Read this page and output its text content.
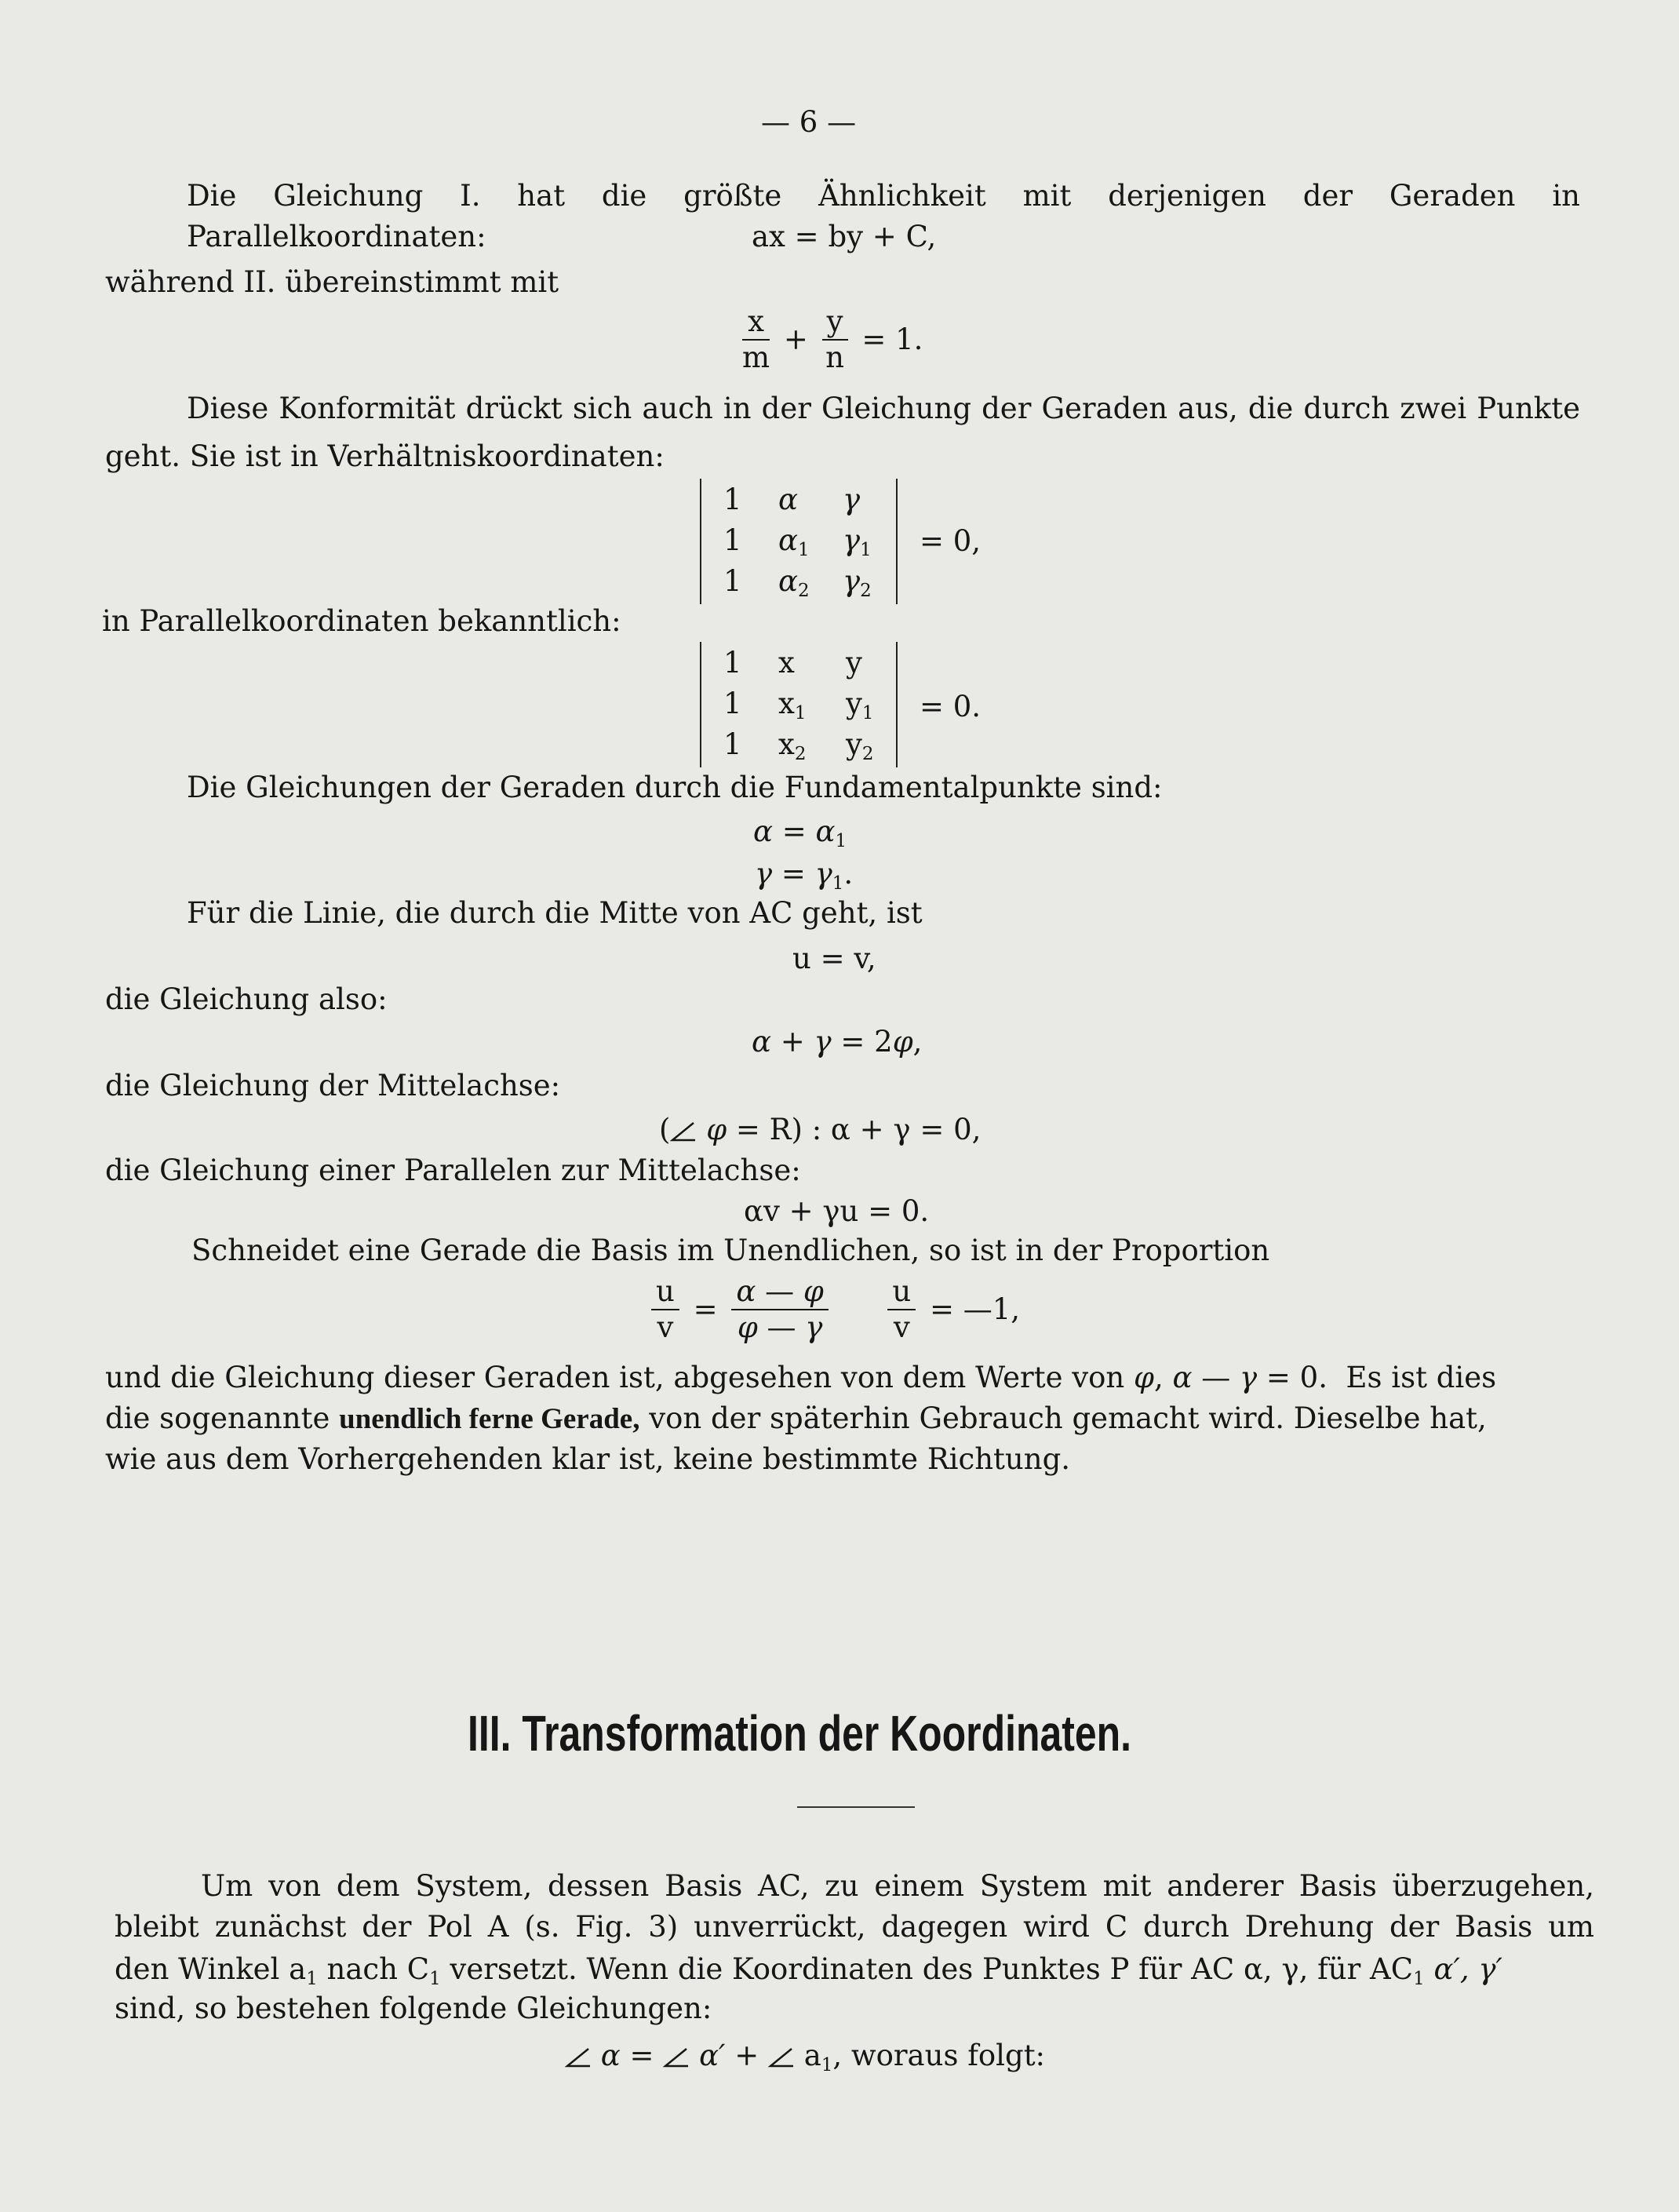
— 6 —
Die Gleichung I. hat die größte Ähnlichkeit mit derjenigen der Geraden in Parallelkoordinaten:	ax = by + C,
während II. übereinstimmt mit
$\frac{x}{m} + \frac{y}{n} = 1$.
Diese Konformität drückt sich auch in der Gleichung der Geraden aus, die durch zwei Punkte
geht. Sie ist in Verhältniskoordinaten:
1	α	γ
1	$\alpha_1$	$\gamma_1$
1	$\alpha_2$	$\gamma_2$
= 0,
in Parallelkoordinaten bekanntlich:
1	x	y
1	$x_1$	$y_1$
1	$x_2$	$y_2$
= 0.
Die Gleichungen der Geraden durch die Fundamentalpunkte sind:
$\alpha = \alpha_1$
$\gamma = \gamma_1$.
Für die Linie, die durch die Mitte von AC geht, ist
u = v,
die Gleichung also:
α + γ = 2φ,
die Gleichung der Mittelachse:
( φ = R) : α + γ = 0,
die Gleichung einer Parallelen zur Mittelachse:
αv + γu = 0.
Schneidet eine Gerade die Basis im Unendlichen, so ist in der Proportion
$\frac{u}{v} = \frac{\alpha — \varphi}{\varphi — \gamma}$
$\frac{u}{v}$ = —1,
und die Gleichung dieser Geraden ist, abgesehen von dem Werte von φ, α — γ = 0.  Es ist dies
die sogenannte unendlich ferne Gerade, von der späterhin Gebrauch gemacht wird. Dieselbe hat,
wie aus dem Vorhergehenden klar ist, keine bestimmte Richtung.
III. Transformation der Koordinaten.
Um von dem System, dessen Basis AC, zu einem System mit anderer Basis überzugehen,
bleibt zunächst der Pol A (s. Fig. 3) unverrückt, dagegen wird C durch Drehung der Basis um
den Winkel $a_1$ nach $C_1$ versetzt. Wenn die Koordinaten des Punktes P für AC α, γ, für $AC_1$ α′, γ′
sind, so bestehen folgende Gleichungen:
$\alpha = \alpha' + a_1$, woraus folgt:
